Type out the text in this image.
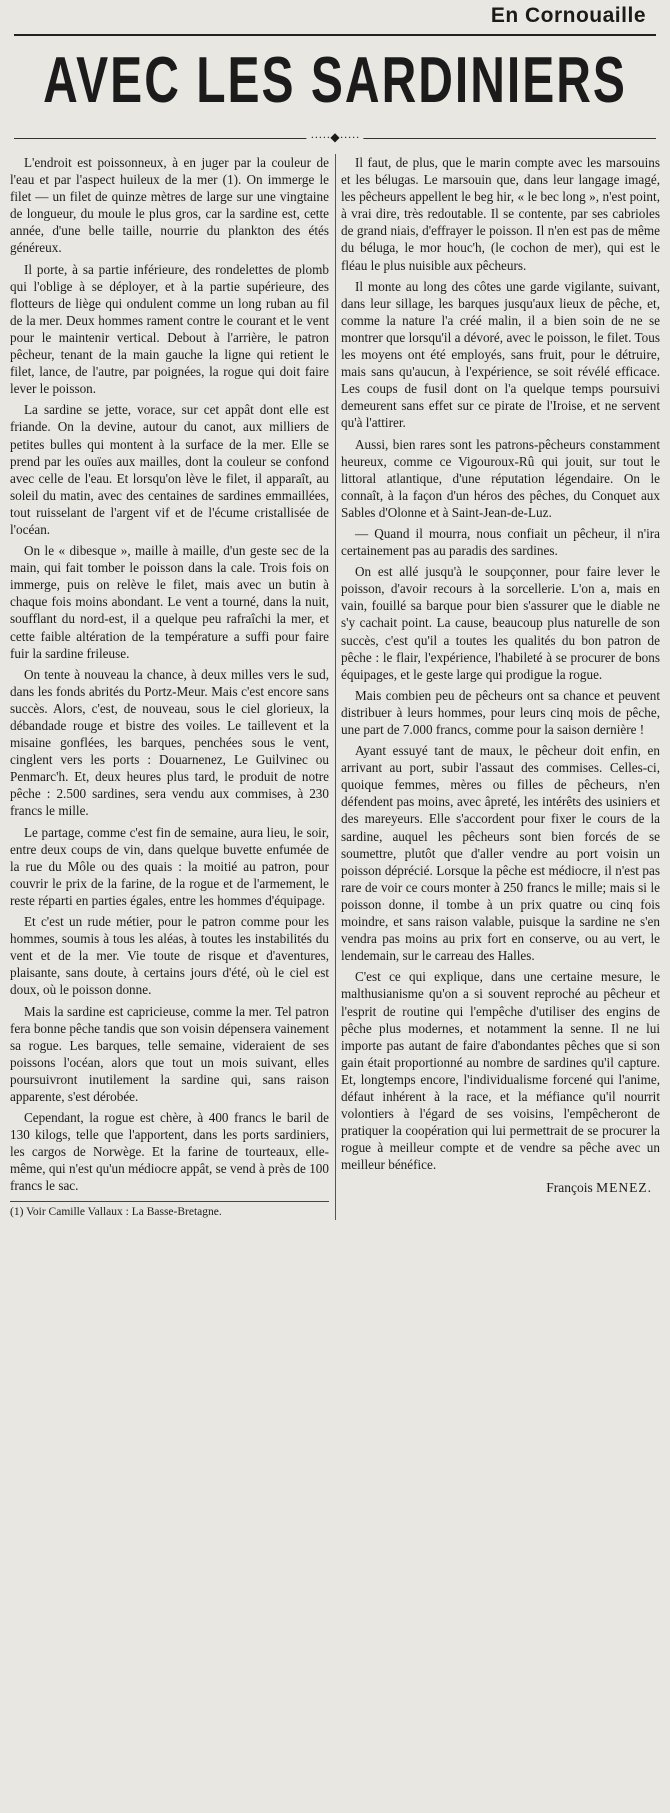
En Cornouaille
AVEC LES SARDINIERS
·····◆·····

L'endroit est poissonneux, à en juger par la couleur de l'eau et par l'aspect huileux de la mer (1). On immerge le filet — un filet de quinze mètres de large sur une vingtaine de longueur, du moule le plus gros, car la sardine est, cette année, d'une belle taille, nourrie du plankton des étés généreux.

Il porte, à sa partie inférieure, des rondelettes de plomb qui l'oblige à se déployer, et à la partie supérieure, des flotteurs de liège qui ondulent comme un long ruban au fil de la mer. Deux hommes rament contre le courant et le vent pour le maintenir vertical. Debout à l'arrière, le patron pêcheur, tenant de la main gauche la ligne qui retient le filet, lance, de l'autre, par poignées, la rogue qui doit faire lever le poisson.

La sardine se jette, vorace, sur cet appât dont elle est friande. On la devine, autour du canot, aux milliers de petites bulles qui montent à la surface de la mer. Elle se prend par les ouïes aux mailles, dont la couleur se confond avec celle de l'eau. Et lorsqu'on lève le filet, il apparaît, au soleil du matin, avec des centaines de sardines emmaillées, tout ruisselant de l'argent vif et de l'écume cristallisée de l'océan.

On le « dibesque », maille à maille, d'un geste sec de la main, qui fait tomber le poisson dans la cale. Trois fois on immerge, puis on relève le filet, mais avec un butin à chaque fois moins abondant. Le vent a tourné, dans la nuit, soufflant du nord-est, il a quelque peu rafraîchi la mer, et cette faible altération de la température a suffi pour faire fuir la sardine frileuse.

On tente à nouveau la chance, à deux milles vers le sud, dans les fonds abrités du Portz-Meur. Mais c'est encore sans succès. Alors, c'est, de nouveau, sous le ciel glorieux, la débandade rouge et bistre des voiles. Le taillevent et la misaine gonflées, les barques, penchées sous le vent, cinglent vers les ports : Douarnenez, Le Guilvinec ou Penmarc'h. Et, deux heures plus tard, le produit de notre pêche : 2.500 sardines, sera vendu aux commises, à 230 francs le mille.

Le partage, comme c'est fin de semaine, aura lieu, le soir, entre deux coups de vin, dans quelque buvette enfumée de la rue du Môle ou des quais : la moitié au patron, pour couvrir le prix de la farine, de la rogue et de l'armement, le reste réparti en parties égales, entre les hommes d'équipage.

Et c'est un rude métier, pour le patron comme pour les hommes, soumis à tous les aléas, à toutes les instabilités du vent et de la mer. Vie toute de risque et d'aventures, plaisante, sans doute, à certains jours d'été, où le ciel est doux, où le poisson donne.

Mais la sardine est capricieuse, comme la mer. Tel patron fera bonne pêche tandis que son voisin dépensera vainement sa rogue. Les barques, telle semaine, videraient de ses poissons l'océan, alors que tout un mois suivant, elles poursuivront inutilement la sardine qui, sans raison apparente, s'est dérobée.

Cependant, la rogue est chère, à 400 francs le baril de 130 kilogs, telle que l'apportent, dans les ports sardiniers, les cargos de Norwège. Et la farine de tourteaux, elle-même, qui n'est qu'un médiocre appât, se vend à près de 100 francs le sac.

(1) Voir Camille Vallaux : La Basse-Bretagne.

Il faut, de plus, que le marin compte avec les marsouins et les bélugas. Le marsouin que, dans leur langage imagé, les pêcheurs appellent le beg hir, « le bec long », n'est point, à vrai dire, très redoutable. Il se contente, par ses cabrioles de grand niais, d'effrayer le poisson. Il n'en est pas de même du béluga, le mor houc'h, (le cochon de mer), qui est le fléau le plus nuisible aux pêcheurs.

Il monte au long des côtes une garde vigilante, suivant, dans leur sillage, les barques jusqu'aux lieux de pêche, et, comme la nature l'a créé malin, il a bien soin de ne se montrer que lorsqu'il a dévoré, avec le poisson, le filet. Tous les moyens ont été employés, sans fruit, pour le détruire, mais sans qu'aucun, à l'expérience, se soit révélé efficace. Les coups de fusil dont on l'a quelque temps poursuivi demeurent sans effet sur ce pirate de l'Iroise, et ne servent qu'à l'attirer.

Aussi, bien rares sont les patrons-pêcheurs constamment heureux, comme ce Vigouroux-Rû qui jouit, sur tout le littoral atlantique, d'une réputation légendaire. On le connaît, à la façon d'un héros des pêches, du Conquet aux Sables d'Olonne et à Saint-Jean-de-Luz.

— Quand il mourra, nous confiait un pêcheur, il n'ira certainement pas au paradis des sardines.

On est allé jusqu'à le soupçonner, pour faire lever le poisson, d'avoir recours à la sorcellerie. L'on a, mais en vain, fouillé sa barque pour bien s'assurer que le diable ne s'y cachait point. La cause, beaucoup plus naturelle de son succès, c'est qu'il a toutes les qualités du bon patron de pêche : le flair, l'expérience, l'habileté à se procurer de bons équipages, et le geste large qui prodigue la rogue.

Mais combien peu de pêcheurs ont sa chance et peuvent distribuer à leurs hommes, pour leurs cinq mois de pêche, une part de 7.000 francs, comme pour la saison dernière !

Ayant essuyé tant de maux, le pêcheur doit enfin, en arrivant au port, subir l'assaut des commises. Celles-ci, quoique femmes, mères ou filles de pêcheurs, n'en défendent pas moins, avec âpreté, les intérêts des usiniers et des mareyeurs. Elle s'accordent pour fixer le cours de la sardine, auquel les pêcheurs sont bien forcés de se soumettre, plutôt que d'aller vendre au port voisin un poisson déprécié. Lorsque la pêche est médiocre, il n'est pas rare de voir ce cours monter à 250 francs le mille; mais si le poisson donne, il tombe à un prix quatre ou cinq fois moindre, et sans raison valable, puisque la sardine ne s'en vendra pas moins au prix fort en conserve, ou au vert, le lendemain, sur le carreau des Halles.

C'est ce qui explique, dans une certaine mesure, le malthusianisme qu'on a si souvent reproché au pêcheur et l'esprit de routine qui l'empêche d'utiliser des engins de pêche plus modernes, et notamment la senne. Il ne lui importe pas autant de faire d'abondantes pêches que si son gain était proportionné au nombre de sardines qu'il capture. Et, longtemps encore, l'individualisme forcené qui l'anime, défaut inhérent à la race, et la méfiance qu'il nourrit volontiers à l'égard de ses voisins, l'empêcheront de pratiquer la coopération qui lui permettrait de se procurer la rogue à meilleur compte et de vendre sa pêche avec un meilleur bénéfice.

François MENEZ.
